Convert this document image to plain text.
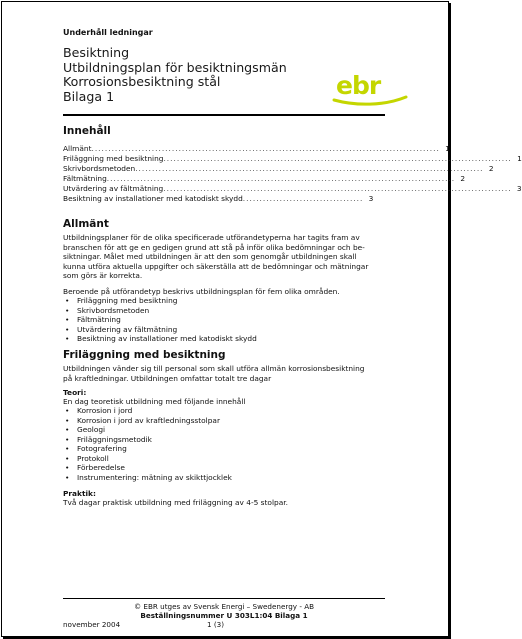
Underhåll ledningar
Besiktning
Utbildningsplan för besiktningsmän
Korrosionsbesiktning stål
Bilaga 1	ebr
Innehåll
Allmänt ........................................................................................................ 1
Friläggning med besiktning ........................................................................................................ 1
Skrivbordsmetoden ........................................................................................................ 2
Fältmätning ........................................................................................................ 2
Utvärdering av fältmätning ........................................................................................................ 3
Besiktning av installationer med katodiskt skydd .................................... 3
Allmänt

Utbildningsplaner för de olika specificerade utförandetyperna har tagits fram av

branschen för att ge en gedigen grund att stå på inför olika bedömningar och be-

siktningar. Målet med utbildningen är att den som genomgår utbildningen skall

kunna utföra aktuella uppgifter och säkerställa att de bedömningar och mätningar

som görs är korrekta.

Beroende på utförandetyp beskrivs utbildningsplan för fem olika områden.
• Friläggning med besiktning
• Skrivbordsmetoden
• Fältmätning
• Utvärdering av fältmätning
• Besiktning av installationer med katodiskt skydd
Friläggning med besiktning

Utbildningen vänder sig till personal som skall utföra allmän korrosionsbesiktning

på kraftledningar. Utbildningen omfattar totalt tre dagar

Teori:
En dag teoretisk utbildning med följande innehåll
• Korrosion i jord
• Korrosion i jord av kraftledningsstolpar
• Geologi
• Friläggningsmetodik
• Fotografering
• Protokoll
• Förberedelse
• Instrumentering: mätning av skikttjocklek
Praktik:
Två dagar praktisk utbildning med friläggning av 4-5 stolpar.
© EBR utges av Svensk Energi – Swedenergy - AB
Beställningsnummer U 303L1:04 Bilaga 1
november 2004	1 (3)
